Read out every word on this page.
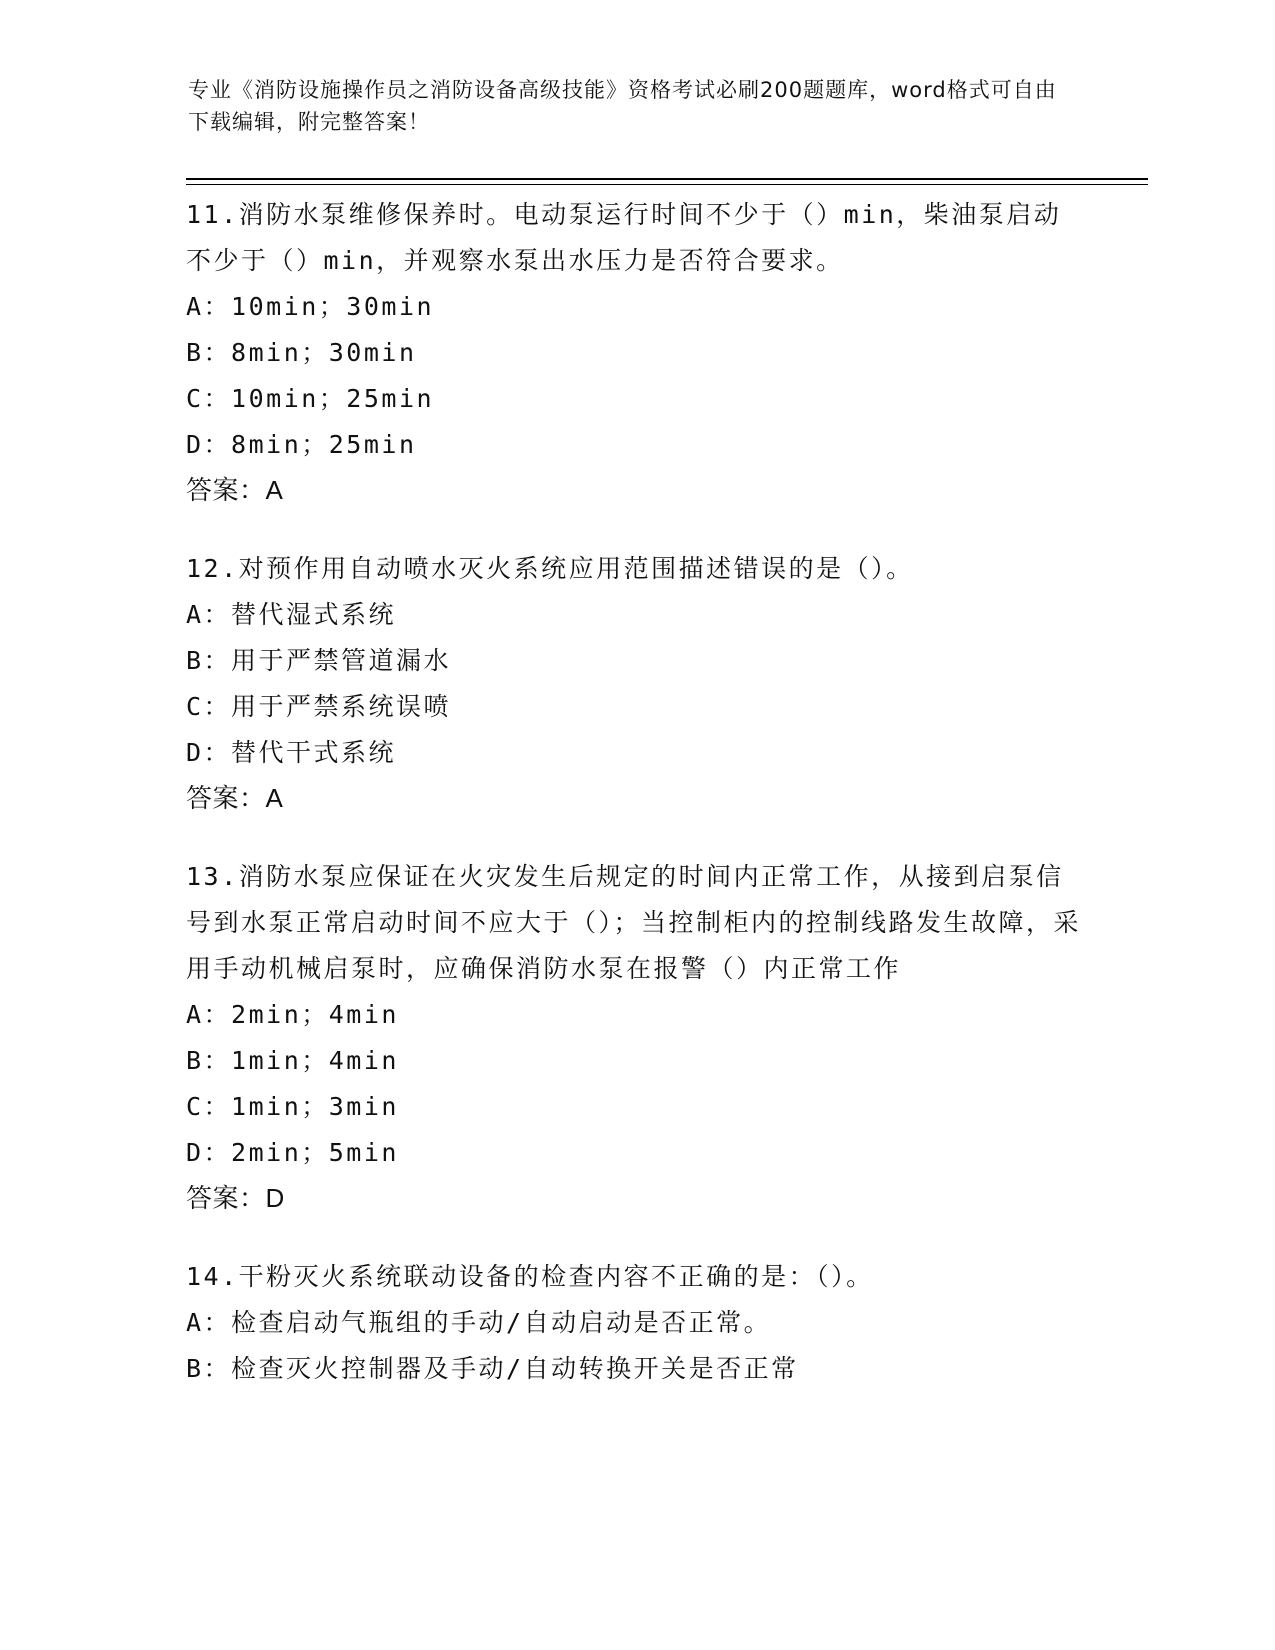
专业《消防设施操作员之消防设备高级技能》资格考试必刷200题题库，word格式可自由下载编辑，附完整答案！
11.消防水泵维修保养时。电动泵运行时间不少于（）min，柴油泵启动不少于（）min，并观察水泵出水压力是否符合要求。
A：10min；30min
B：8min；30min
C：10min；25min
D：8min；25min
答案：A
12.对预作用自动喷水灭火系统应用范围描述错误的是（）。
A：替代湿式系统
B：用于严禁管道漏水
C：用于严禁系统误喷
D：替代干式系统
答案：A
13.消防水泵应保证在火灾发生后规定的时间内正常工作，从接到启泵信号到水泵正常启动时间不应大于（）；当控制柜内的控制线路发生故障，采用手动机械启泵时，应确保消防水泵在报警（）内正常工作
A：2min；4min
B：1min；4min
C：1min；3min
D：2min；5min
答案：D
14.干粉灭火系统联动设备的检查内容不正确的是：（）。
A：检查启动气瓶组的手动/自动启动是否正常。
B：检查灭火控制器及手动/自动转换开关是否正常
